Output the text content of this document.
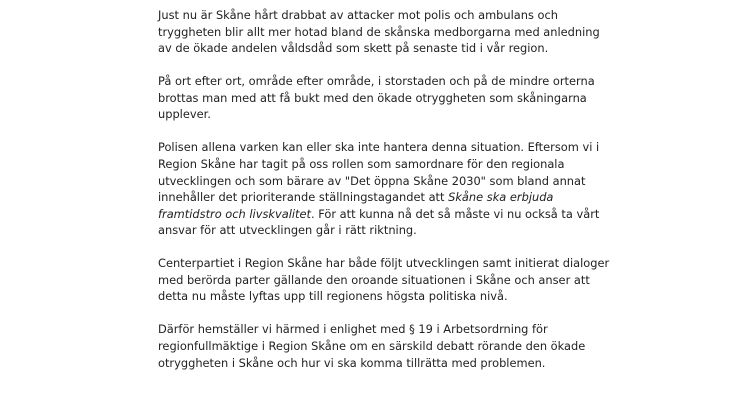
Just nu är Skåne hårt drabbat av attacker mot polis och ambulans och
tryggheten blir allt mer hotad bland de skånska medborgarna med anledning
av de ökade andelen våldsdåd som skett på senaste tid i vår region.

På ort efter ort, område efter område, i storstaden och på de mindre orterna
brottas man med att få bukt med den ökade otryggheten som skåningarna
upplever.

Polisen allena varken kan eller ska inte hantera denna situation. Eftersom vi i
Region Skåne har tagit på oss rollen som samordnare för den regionala
utvecklingen och som bärare av "Det öppna Skåne 2030" som bland annat
innehåller det prioriterande ställningstagandet att Skåne ska erbjuda
framtidstro och livskvalitet. För att kunna nå det så måste vi nu också ta vårt
ansvar för att utvecklingen går i rätt riktning.

Centerpartiet i Region Skåne har både följt utvecklingen samt initierat dialoger
med berörda parter gällande den oroande situationen i Skåne och anser att
detta nu måste lyftas upp till regionens högsta politiska nivå.

Därför hemställer vi härmed i enlighet med § 19 i Arbetsordrning för
regionfullmäktige i Region Skåne om en särskild debatt rörande den ökade
otryggheten i Skåne och hur vi ska komma tillrätta med problemen.
